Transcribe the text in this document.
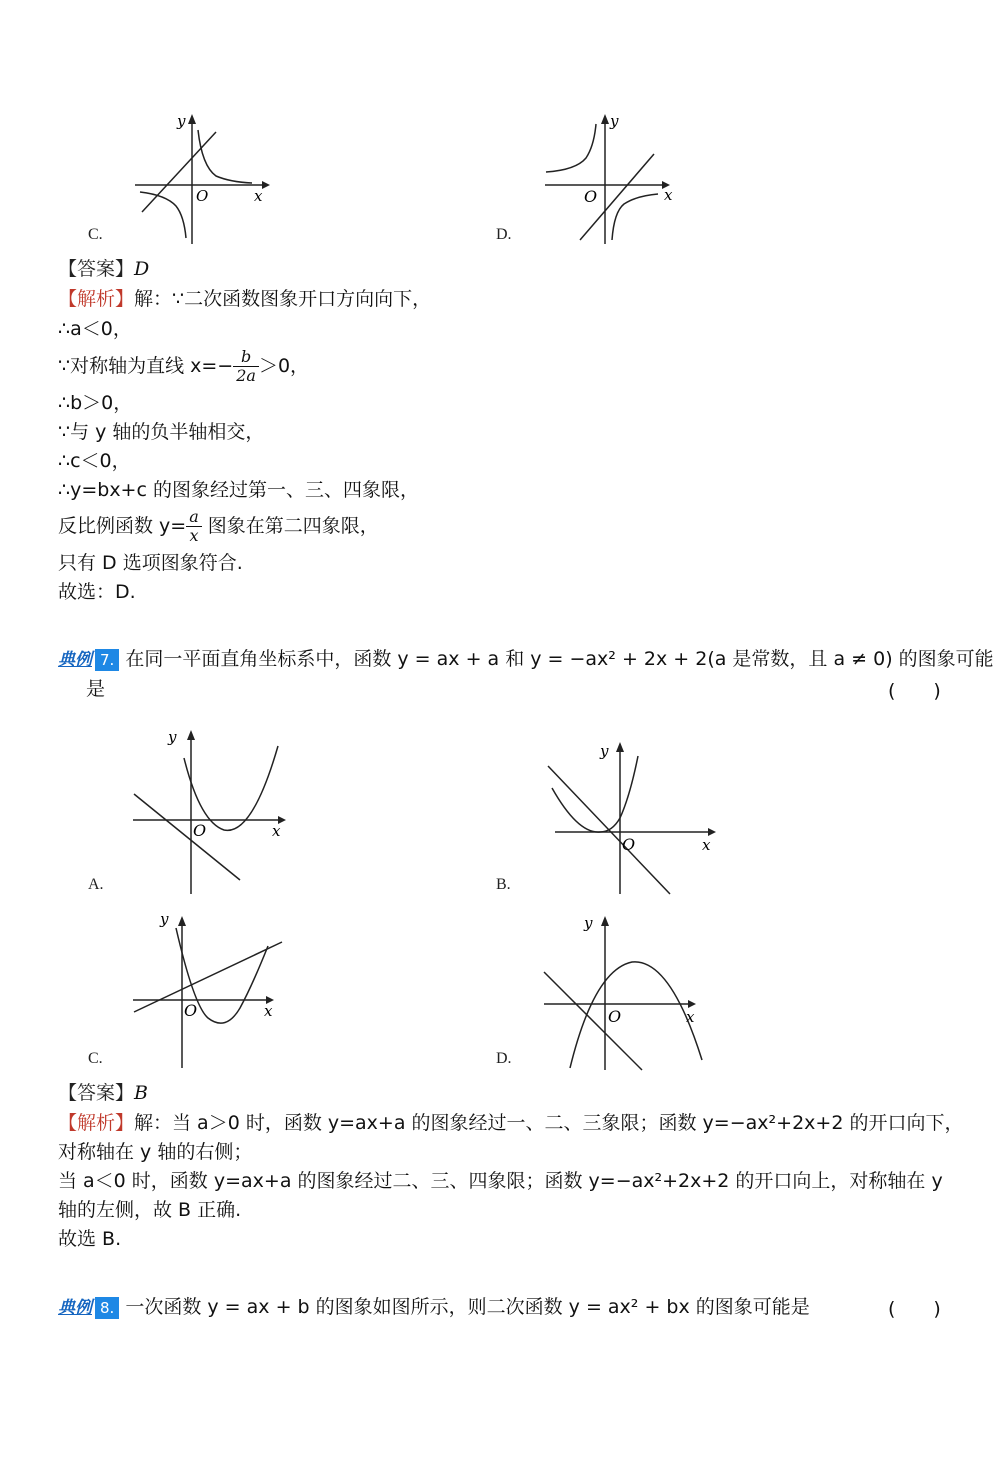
y
O	x
C.
y
O	x
D.
【答案】D
【解析】解：∵二次函数图象开口方向向下，
∴a＜0，
∵对称轴为直线 $x=- \frac{b}{2a} >0$，
∴b＞0，
∵与 y 轴的负半轴相交，
∴c＜0，
∴y=bx+c 的图象经过第一、三、四象限，
反比例函数 $y= \frac{a}{x}$ 图象在第二四象限，
只有 D 选项图象符合.
故选：D.
典例 7. 在同一平面直角坐标系中，函数 y = ax + a 和 y = −ax² + 2x + 2(a 是常数，且 a ≠ 0) 的图象可能
是	(　　)
y
O	x
A.
y
O	x
B.
y
O	x
C.
y
O	x
D.
【答案】B
【解析】解：当 a＞0 时，函数 y=ax+a 的图象经过一、二、三象限；函数 y=−ax²+2x+2 的开口向下，
对称轴在 y 轴的右侧；
当 a＜0 时，函数 y=ax+a 的图象经过二、三、四象限；函数 y=−ax²+2x+2 的开口向上，对称轴在 y
轴的左侧，故 B 正确.
故选 B.
典例 8. 一次函数 y = ax + b 的图象如图所示，则二次函数 y = ax² + bx 的图象可能是	(　　)
